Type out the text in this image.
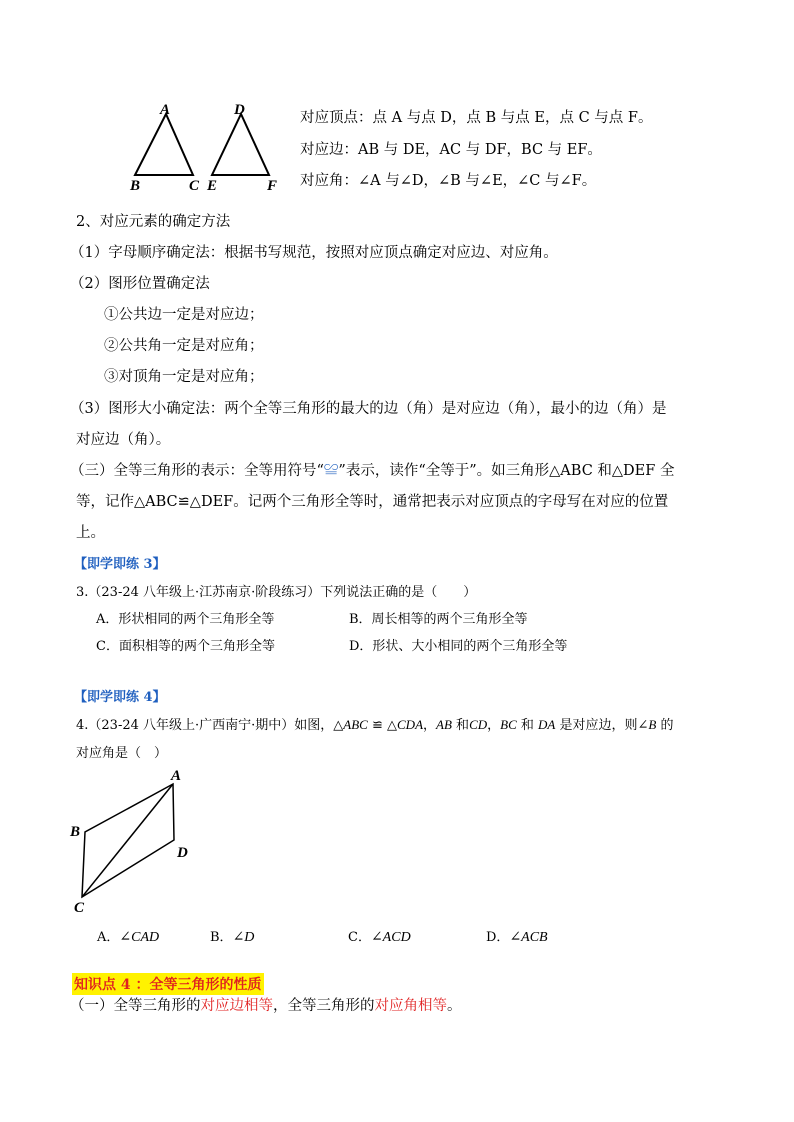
A
B	C
D
E	F
对应顶点：点 A 与点 D，点 B 与点 E，点 C 与点 F。
对应边：AB 与 DE，AC 与 DF，BC 与 EF。
对应角：∠A 与∠D，∠B 与∠E，∠C 与∠F。
2、对应元素的确定方法
（1）字母顺序确定法：根据书写规范，按照对应顶点确定对应边、对应角。
（2）图形位置确定法
①公共边一定是对应边；
②公共角一定是对应角；
③对顶角一定是对应角；
（3）图形大小确定法：两个全等三角形的最大的边（角）是对应边（角），最小的边（角）是
对应边（角）。
（三）全等三角形的表示：全等用符号“≌”表示，读作“全等于”。如三角形△ABC 和△DEF 全
等，记作△ABC≌△DEF。记两个三角形全等时，通常把表示对应顶点的字母写在对应的位置
上。
【即学即练 3】
3.（23-24 八年级上·江苏南京·阶段练习）下列说法正确的是（　　）
A．形状相同的两个三角形全等	B．周长相等的两个三角形全等
C．面积相等的两个三角形全等	D．形状、大小相同的两个三角形全等
【即学即练 4】
4.（23-24 八年级上·广西南宁·期中）如图，△ABC ≌ △CDA，AB 和CD，BC 和 DA 是对应边，则∠B 的
对应角是（　）
A
B
C
D
A．∠CAD	B．∠D	C．∠ACD	D．∠ACB
知识点 4 ：全等三角形的性质
（一）全等三角形的对应边相等，全等三角形的对应角相等。
